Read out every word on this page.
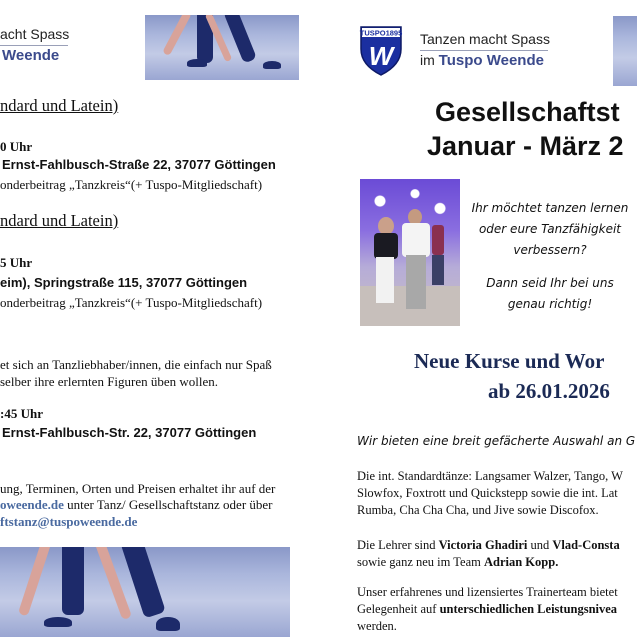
acht Spass
Weende
ndard und Latein)
0 Uhr
Ernst-Fahlbusch-Straße 22, 37077 Göttingen
onderbeitrag „Tanzkreis“(+ Tuspo-Mitgliedschaft)
ndard und Latein)
5 Uhr
eim), Springstraße 115, 37077 Göttingen
onderbeitrag „Tanzkreis“(+ Tuspo-Mitgliedschaft)
et sich an Tanzliebhaber/innen, die einfach nur Spaß
selber ihre erlernten Figuren üben wollen.
:45 Uhr
Ernst-Fahlbusch-Str. 22, 37077 Göttingen
ung, Terminen, Orten und Preisen erhaltet ihr auf der
oweende.de unter Tanz/ Gesellschaftstanz oder über
ftstanz@tuspoweende.de
TUSPO1895
W
Tanzen macht Spass
im Tuspo Weende
Gesellschaftst
Januar - März 2
Ihr möchtet tanzen lernen
oder eure Tanzfähigkeit
verbessern?
Dann seid Ihr bei uns
genau richtig!
Neue Kurse und Wor
ab 26.01.2026
Wir bieten eine breit gefächerte Auswahl an G
Die int. Standardtänze: Langsamer Walzer, Tango, W
Slowfox, Foxtrott und Quickstepp sowie die int. Lat
Rumba, Cha Cha Cha, und Jive sowie Discofox.
Die Lehrer sind Victoria Ghadiri und Vlad-Consta
sowie ganz neu im Team Adrian Kopp.
Unser erfahrenes und lizensiertes Trainerteam bietet
Gelegenheit auf unterschiedlichen Leistungsnivea
werden.
